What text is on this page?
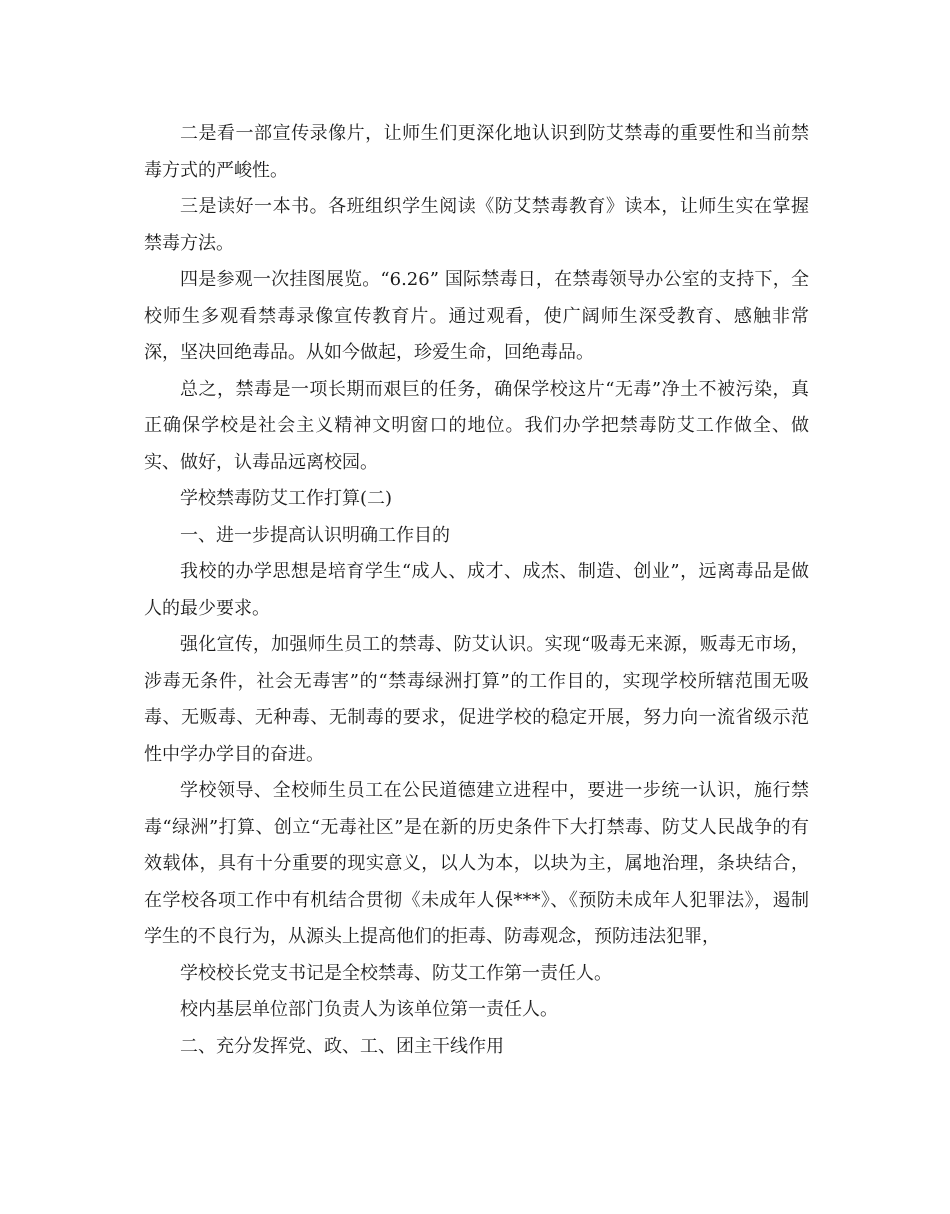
二是看一部宣传录像片，让师生们更深化地认识到防艾禁毒的重要性和当前禁毒方式的严峻性。

三是读好一本书。各班组织学生阅读《防艾禁毒教育》读本，让师生实在掌握禁毒方法。

四是参观一次挂图展览。“6.26” 国际禁毒日，在禁毒领导办公室的支持下，全校师生多观看禁毒录像宣传教育片。通过观看，使广阔师生深受教育、感触非常深，坚决回绝毒品。从如今做起，珍爱生命，回绝毒品。

总之，禁毒是一项长期而艰巨的任务，确保学校这片“无毒”净土不被污染，真正确保学校是社会主义精神文明窗口的地位。我们办学把禁毒防艾工作做全、做实、做好，认毒品远离校园。

学校禁毒防艾工作打算(二)

一、进一步提高认识明确工作目的

我校的办学思想是培育学生“成人、成才、成杰、制造、创业”，远离毒品是做人的最少要求。

强化宣传，加强师生员工的禁毒、防艾认识。实现“吸毒无来源，贩毒无市场，涉毒无条件，社会无毒害”的“禁毒绿洲打算”的工作目的，实现学校所辖范围无吸毒、无贩毒、无种毒、无制毒的要求，促进学校的稳定开展，努力向一流省级示范性中学办学目的奋进。

学校领导、全校师生员工在公民道德建立进程中，要进一步统一认识，施行禁毒“绿洲”打算、创立“无毒社区”是在新的历史条件下大打禁毒、防艾人民战争的有效载体，具有十分重要的现实意义，以人为本，以块为主，属地治理，条块结合，在学校各项工作中有机结合贯彻《未成年人保***》、《预防未成年人犯罪法》，遏制学生的不良行为，从源头上提高他们的拒毒、防毒观念，预防违法犯罪，

学校校长党支书记是全校禁毒、防艾工作第一责任人。

校内基层单位部门负责人为该单位第一责任人。

二、充分发挥党、政、工、团主干线作用
